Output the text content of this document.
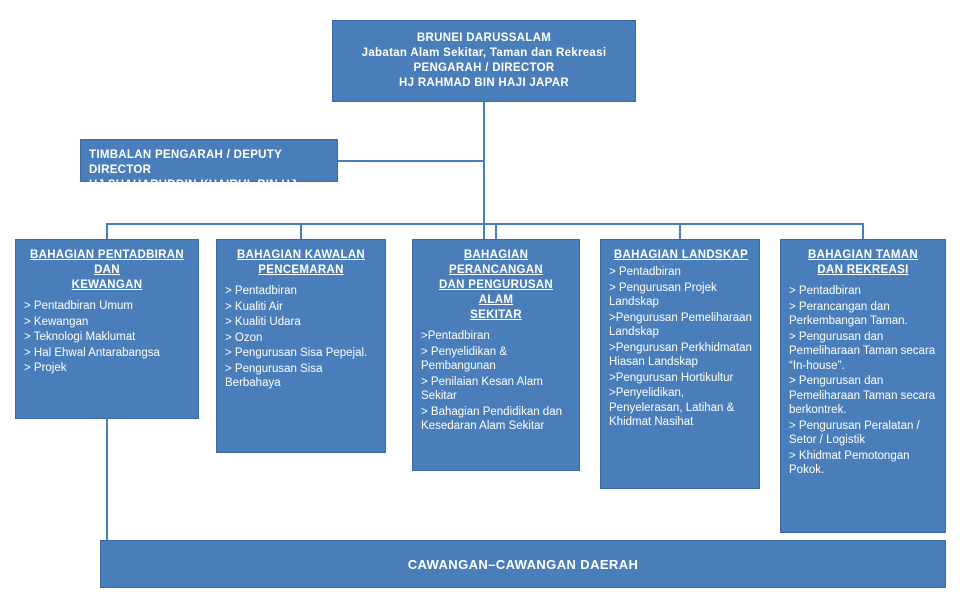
BRUNEI DARUSSALAM
Jabatan Alam Sekitar, Taman dan Rekreasi
PENGARAH / DIRECTOR
HJ RAHMAD BIN HAJI JAPAR
TIMBALAN PENGARAH / DEPUTY DIRECTOR
HJ SHAHARUDDIN KHAIRUL BIN HJ ANUAR
BAHAGIAN PENTADBIRAN DAN
KEWANGAN
> Pentadbiran Umum
> Kewangan
> Teknologi Maklumat
> Hal Ehwal Antarabangsa
> Projek
BAHAGIAN KAWALAN
PENCEMARAN
> Pentadbiran
> Kualiti Air
> Kualiti Udara
> Ozon
> Pengurusan Sisa Pepejal.
> Pengurusan Sisa Berbahaya
BAHAGIAN PERANCANGAN
DAN PENGURUSAN ALAM
SEKITAR
>Pentadbiran
> Penyelidikan & Pembangunan
> Penilaian Kesan Alam Sekitar
> Bahagian Pendidikan dan Kesedaran Alam Sekitar
BAHAGIAN LANDSKAP
> Pentadbiran
> Pengurusan Projek Landskap
>Pengurusan Pemeliharaan Landskap
>Pengurusan Perkhidmatan Hiasan Landskap
>Pengurusan Hortikultur
>Penyelidikan, Penyelerasan, Latihan & Khidmat Nasihat
BAHAGIAN TAMAN
DAN REKREASI
> Pentadbiran
> Perancangan dan Perkembangan Taman.
> Pengurusan dan Pemeliharaan Taman secara “In-house”.
> Pengurusan dan Pemeliharaan Taman secara berkontrek.
> Pengurusan Peralatan / Setor / Logistik
> Khidmat Pemotongan Pokok.
CAWANGAN–CAWANGAN DAERAH
